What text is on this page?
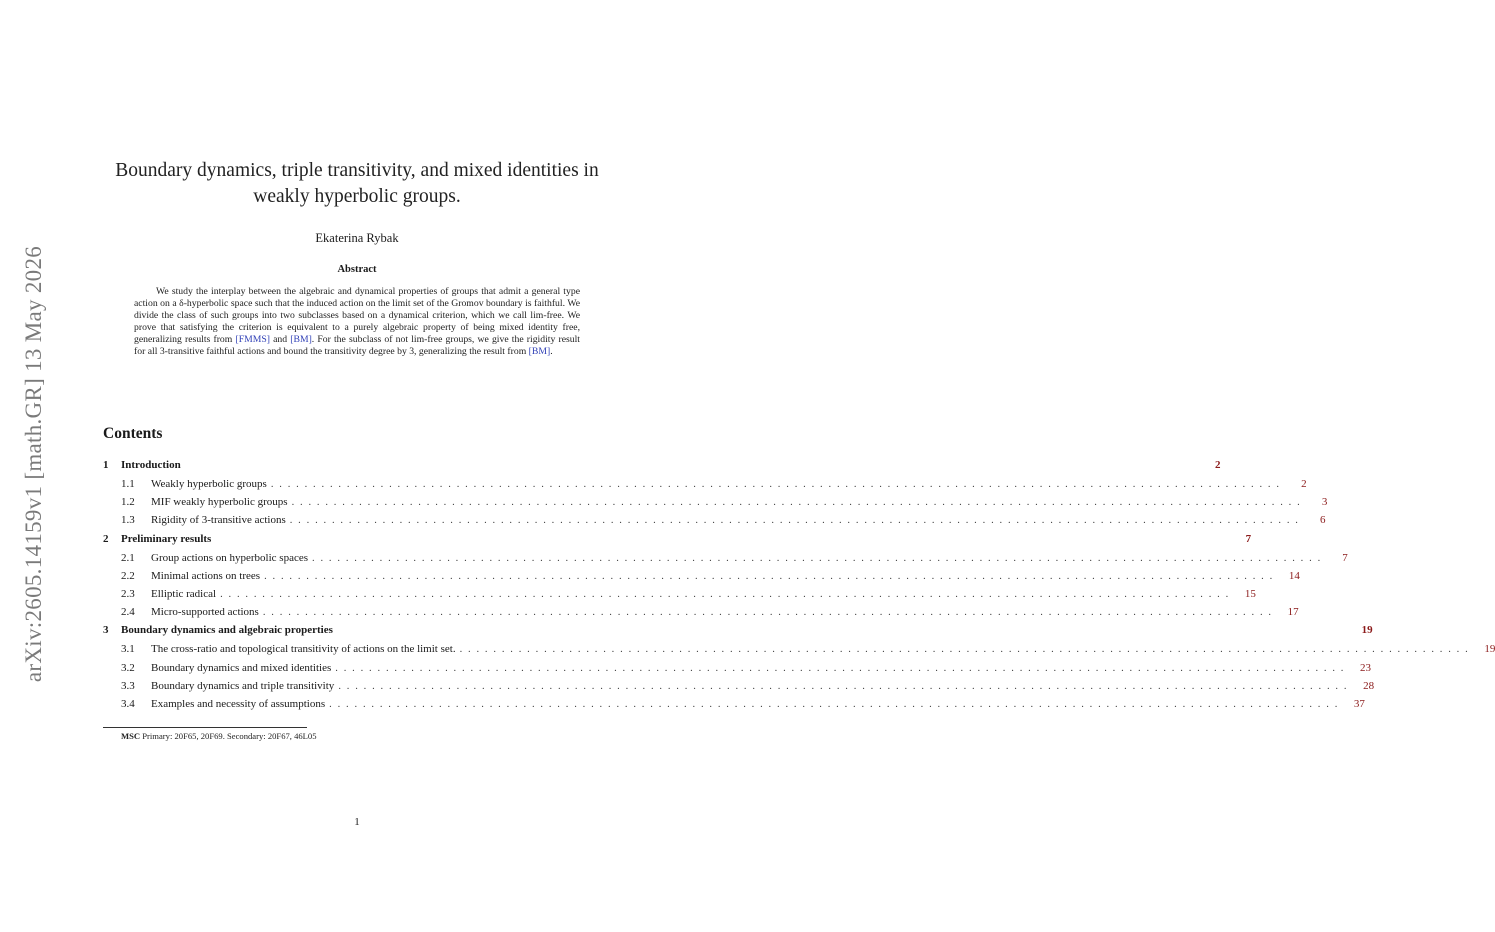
arXiv:2605.14159v1 [math.GR] 13 May 2026
Boundary dynamics, triple transitivity, and mixed identities in weakly hyperbolic groups.
Ekaterina Rybak
Abstract

We study the interplay between the algebraic and dynamical properties of groups that admit a general type action on a δ-hyperbolic space such that the induced action on the limit set of the Gromov boundary is faithful. We divide the class of such groups into two subclasses based on a dynamical criterion, which we call lim-free. We prove that satisfying the criterion is equivalent to a purely algebraic property of being mixed identity free, generalizing results from [FMMS] and [BM]. For the subclass of not lim-free groups, we give the rigidity result for all 3-transitive faithful actions and bound the transitivity degree by 3, generalizing the result from [BM].

Contents
1	Introduction	2
1.1	Weakly hyperbolic groups . . . . . . . . . . . . . . . . . . . . . . . . . . . . . . . . . . . . . . . . . . . . . . . . . . . . . . . . . . . . . . . . . . . . . . . . . . . . . . . . . . . . . . . . . . . . . . . . . . . . . . . . . . . . . . . . . . . . . . . .	2
1.2	MIF weakly hyperbolic groups . . . . . . . . . . . . . . . . . . . . . . . . . . . . . . . . . . . . . . . . . . . . . . . . . . . . . . . . . . . . . . . . . . . . . . . . . . . . . . . . . . . . . . . . . . . . . . . . . . . . . . . . . . . . . . . . . . . . . . . .	3
1.3	Rigidity of 3-transitive actions . . . . . . . . . . . . . . . . . . . . . . . . . . . . . . . . . . . . . . . . . . . . . . . . . . . . . . . . . . . . . . . . . . . . . . . . . . . . . . . . . . . . . . . . . . . . . . . . . . . . . . . . . . . . . . . . . . . . . . . .	6
2	Preliminary results	7
2.1	Group actions on hyperbolic spaces . . . . . . . . . . . . . . . . . . . . . . . . . . . . . . . . . . . . . . . . . . . . . . . . . . . . . . . . . . . . . . . . . . . . . . . . . . . . . . . . . . . . . . . . . . . . . . . . . . . . . . . . . . . . . . . . . . . . . . . .	7
2.2	Minimal actions on trees . . . . . . . . . . . . . . . . . . . . . . . . . . . . . . . . . . . . . . . . . . . . . . . . . . . . . . . . . . . . . . . . . . . . . . . . . . . . . . . . . . . . . . . . . . . . . . . . . . . . . . . . . . . . . . . . . . . . . . . .	14
2.3	Elliptic radical . . . . . . . . . . . . . . . . . . . . . . . . . . . . . . . . . . . . . . . . . . . . . . . . . . . . . . . . . . . . . . . . . . . . . . . . . . . . . . . . . . . . . . . . . . . . . . . . . . . . . . . . . . . . . . . . . . . . . . . .	15
2.4	Micro-supported actions . . . . . . . . . . . . . . . . . . . . . . . . . . . . . . . . . . . . . . . . . . . . . . . . . . . . . . . . . . . . . . . . . . . . . . . . . . . . . . . . . . . . . . . . . . . . . . . . . . . . . . . . . . . . . . . . . . . . . . . .	17
3	Boundary dynamics and algebraic properties	19
3.1	The cross-ratio and topological transitivity of actions on the limit set. . . . . . . . . . . . . . . . . . . . . . . . . . . . . . . . . . . . . . . . . . . . . . . . . . . . . . . . . . . . . . . . . . . . . . . . . . . . . . . . . . . . . . . . . . . . . . . . . . . . . . . . . . . . . . . . . . . . . . . . .	19
3.2	Boundary dynamics and mixed identities . . . . . . . . . . . . . . . . . . . . . . . . . . . . . . . . . . . . . . . . . . . . . . . . . . . . . . . . . . . . . . . . . . . . . . . . . . . . . . . . . . . . . . . . . . . . . . . . . . . . . . . . . . . . . . . . . . . . . . . .	23
3.3	Boundary dynamics and triple transitivity . . . . . . . . . . . . . . . . . . . . . . . . . . . . . . . . . . . . . . . . . . . . . . . . . . . . . . . . . . . . . . . . . . . . . . . . . . . . . . . . . . . . . . . . . . . . . . . . . . . . . . . . . . . . . . . . . . . . . . . .	28
3.4	Examples and necessity of assumptions . . . . . . . . . . . . . . . . . . . . . . . . . . . . . . . . . . . . . . . . . . . . . . . . . . . . . . . . . . . . . . . . . . . . . . . . . . . . . . . . . . . . . . . . . . . . . . . . . . . . . . . . . . . . . . . . . . . . . . . .	37
MSC Primary: 20F65, 20F69. Secondary: 20F67, 46L05
1
